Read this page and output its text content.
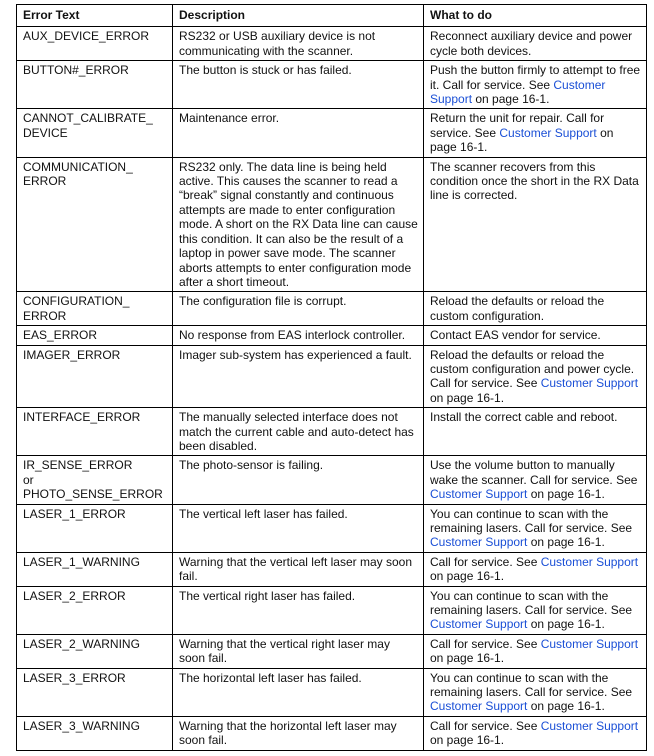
Error Text	Description	What to do

AUX_DEVICE_ERROR	RS232 or USB auxiliary device is not communicating with the scanner.	Reconnect auxiliary device and power cycle both devices.

BUTTON#_ERROR	The button is stuck or has failed.	Push the button firmly to attempt to free it. Call for service. See Customer Support on page 16-1.

CANNOT_CALIBRATE_
DEVICE	Maintenance error.	Return the unit for repair. Call for service. See Customer Support on page 16-1.

COMMUNICATION_
ERROR	RS232 only. The data line is being held active. This causes the scanner to read a “break” signal constantly and continuous attempts are made to enter configuration mode. A short on the RX Data line can cause this condition. It can also be the result of a laptop in power save mode. The scanner aborts attempts to enter configuration mode after a short timeout.	The scanner recovers from this condition once the short in the RX Data line is corrected.

CONFIGURATION_
ERROR	The configuration file is corrupt.	Reload the defaults or reload the custom configuration.

EAS_ERROR	No response from EAS interlock controller.	Contact EAS vendor for service.

IMAGER_ERROR	Imager sub-system has experienced a fault.	Reload the defaults or reload the custom configuration and power cycle. Call for service. See Customer Support on page 16-1.

INTERFACE_ERROR	The manually selected interface does not match the current cable and auto-detect has been disabled.	Install the correct cable and reboot.

IR_SENSE_ERROR
or
PHOTO_SENSE_ERROR	The photo-sensor is failing.	Use the volume button to manually wake the scanner. Call for service. See Customer Support on page 16-1.

LASER_1_ERROR	The vertical left laser has failed.	You can continue to scan with the remaining lasers. Call for service. See Customer Support on page 16-1.

LASER_1_WARNING	Warning that the vertical left laser may soon fail.	Call for service. See Customer Support on page 16-1.

LASER_2_ERROR	The vertical right laser has failed.	You can continue to scan with the remaining lasers. Call for service. See Customer Support on page 16-1.

LASER_2_WARNING	Warning that the vertical right laser may soon fail.	Call for service. See Customer Support on page 16-1.

LASER_3_ERROR	The horizontal left laser has failed.	You can continue to scan with the remaining lasers. Call for service. See Customer Support on page 16-1.

LASER_3_WARNING	Warning that the horizontal left laser may soon fail.	Call for service. See Customer Support on page 16-1.
